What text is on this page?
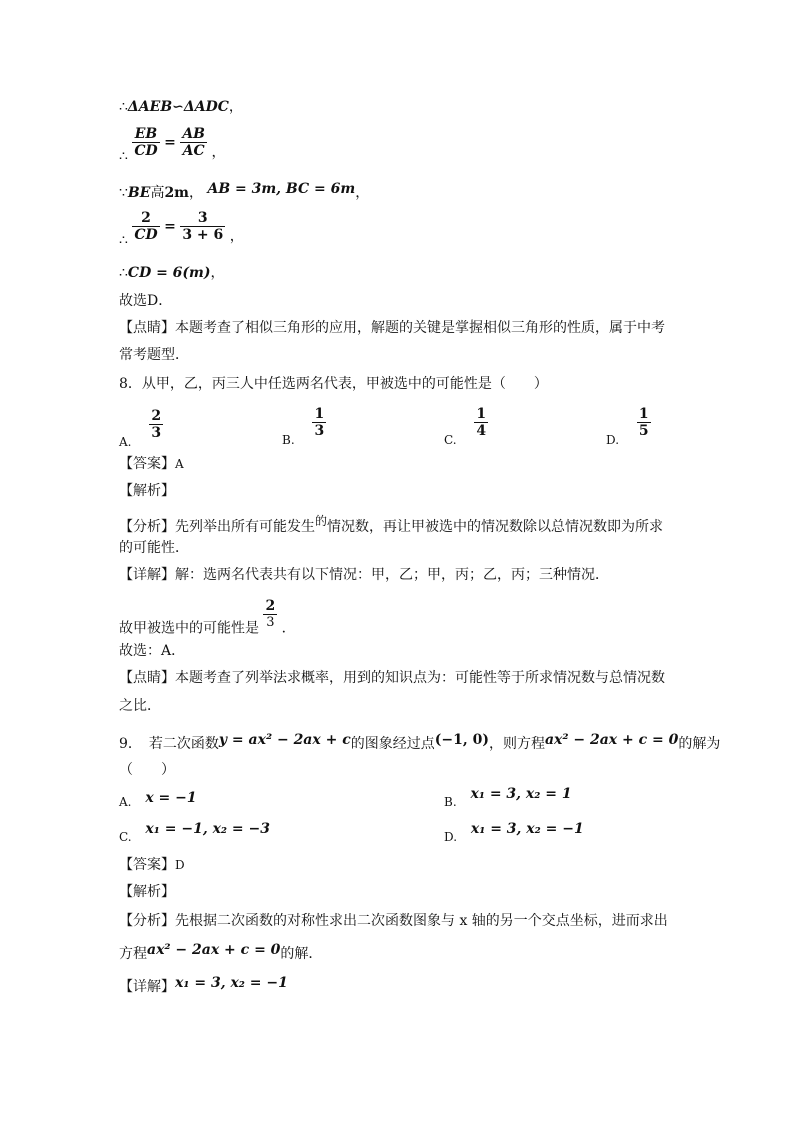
∴ΔAEB∽ΔADC，
∴ $\frac{EB}{CD} = \frac{AB}{AC}$ ，
∵BE高2m， AB = 3m, BC = 6m，
∴ $\frac{2}{CD} = \frac{3}{3 + 6}$ ，
∴CD = 6(m)，
故选D．
【点睛】本题考查了相似三角形的应用，解题的关键是掌握相似三角形的性质，属于中考
常考题型．
8．从甲，乙，丙三人中任选两名代表，甲被选中的可能性是（　　）
A.
$\frac{2}{3}$	B.
$\frac{1}{3}$
C.
$\frac{1}{4}$
D.
$\frac{1}{5}$
【答案】A
【解析】
【分析】先列举出所有可能发生的情况数，再让甲被选中的情况数除以总情况数即为所求
的可能性．
【详解】解：选两名代表共有以下情况：甲，乙；甲，丙；乙，丙；三种情况．
故甲被选中的可能性是 $\frac{2}{3}$ ．
故选：A．
【点睛】本题考查了列举法求概率，用到的知识点为：可能性等于所求情况数与总情况数
之比．
9．　若二次函数y = ax² − 2ax + c的图象经过点(−1, 0)，则方程ax² − 2ax + c = 0的解为
（　　）
A. x = −1	B. x₁ = 3, x₂ = 1
C. x₁ = −1, x₂ = −3	D. x₁ = 3, x₂ = −1
【答案】D
【解析】
【分析】先根据二次函数的对称性求出二次函数图象与 x 轴的另一个交点坐标，进而求出
方程ax² − 2ax + c = 0的解．
【详解】x₁ = 3, x₂ = −1
